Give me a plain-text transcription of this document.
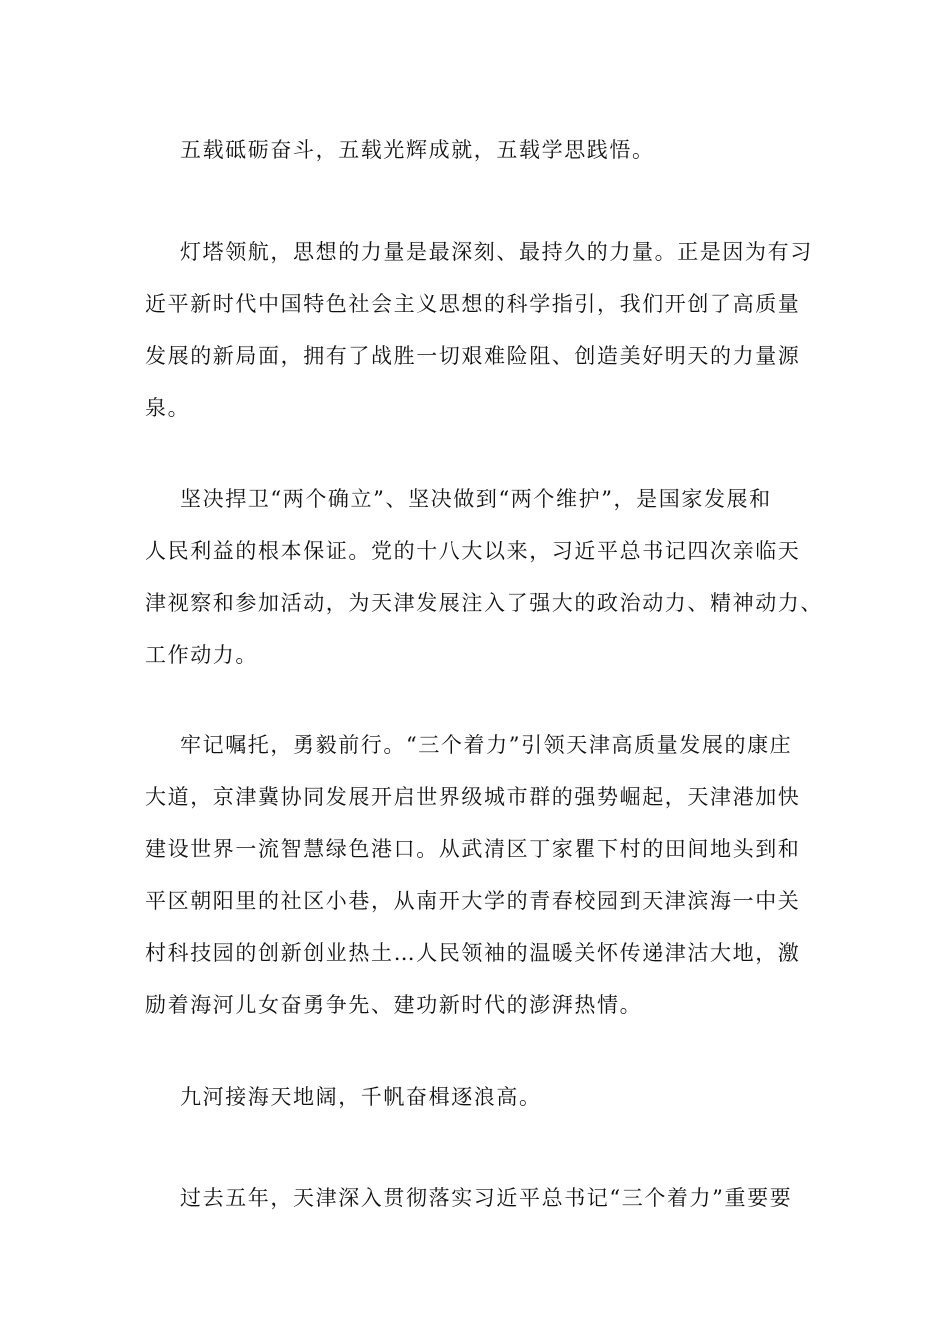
五载砥砺奋斗，五载光辉成就，五载学思践悟。
灯塔领航，思想的力量是最深刻、最持久的力量。正是因为有习
近平新时代中国特色社会主义思想的科学指引，我们开创了高质量
发展的新局面，拥有了战胜一切艰难险阻、创造美好明天的力量源
泉。
坚决捍卫“两个确立”、坚决做到“两个维护”，是国家发展和
人民利益的根本保证。党的十八大以来，习近平总书记四次亲临天
津视察和参加活动，为天津发展注入了强大的政治动力、精神动力、
工作动力。
牢记嘱托，勇毅前行。“三个着力”引领天津高质量发展的康庄
大道，京津冀协同发展开启世界级城市群的强势崛起，天津港加快
建设世界一流智慧绿色港口。从武清区丁家瞿下村的田间地头到和
平区朝阳里的社区小巷，从南开大学的青春校园到天津滨海一中关
村科技园的创新创业热土…人民领袖的温暖关怀传递津沽大地，激
励着海河儿女奋勇争先、建功新时代的澎湃热情。
九河接海天地阔，千帆奋楫逐浪高。
过去五年，天津深入贯彻落实习近平总书记“三个着力”重要要
